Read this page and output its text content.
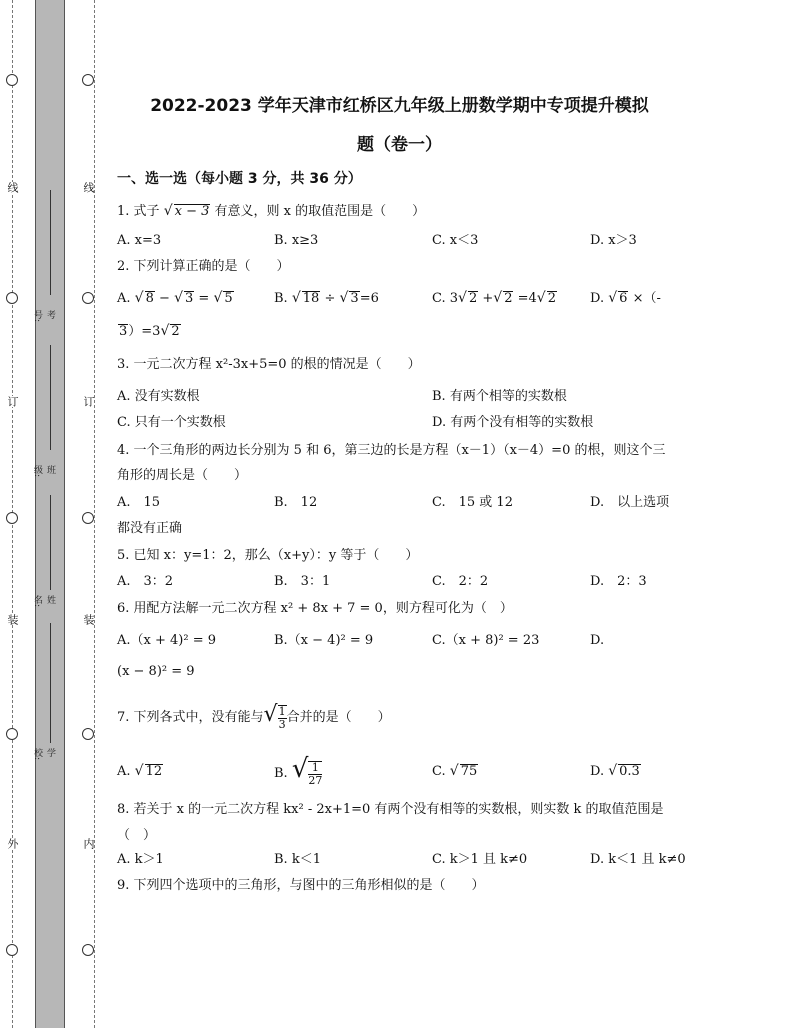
线
订
装
外
考号:
班级:
姓名:
学校:
线
订
装
内
2022-2023 学年天津市红桥区九年级上册数学期中专项提升模拟
题（卷一）
一、选一选（每小题 3 分，共 36 分）
1. 式子 √ x − 3 有意义，则 x 的取值范围是（　　）
A. x=3	B. x≥3	C. x＜3	D. x＞3
2. 下列计算正确的是（　　）
A. √ 8 − √ 3 = √ 5	B. √ 18 ÷ √ 3=6	C. 3√ 2 +√ 2 =4√ 2	D. √ 6 ×（-
3）=3√ 2
3. 一元二次方程 x²-3x+5=0 的根的情况是（　　）
A. 没有实数根	B. 有两个相等的实数根
C. 只有一个实数根	D. 有两个没有相等的实数根
4. 一个三角形的两边长分别为 5 和 6，第三边的长是方程（x－1）（x－4）=0 的根，则这个三
角形的周长是（　　）
A.　15	B.　12	C.　15 或 12	D.　以上选项
都没有正确
5. 已知 x：y=1：2，那么（x+y）：y 等于（　　）
A.　3：2	B.　3：1	C.　2：2	D.　2：3
6. 用配方法解一元二次方程 x² + 8x + 7 = 0，则方程可化为（　）
A.（x + 4)² = 9	B.（x − 4)² = 9	C.（x + 8)² = 23	D.
(x − 8)² = 9
7. 下列各式中，没有能与√ $\frac{1}{3}$ 合并的是（　　）
A. √ 12	B. √ $\frac{1}{27}$	C. √ 75	D. √ 0.3
8. 若关于 x 的一元二次方程 kx² - 2x+1=0 有两个没有相等的实数根，则实数 k 的取值范围是
（　）
A. k＞1	B. k＜1	C. k＞1 且 k≠0	D. k＜1 且 k≠0
9. 下列四个选项中的三角形，与图中的三角形相似的是（　　）
